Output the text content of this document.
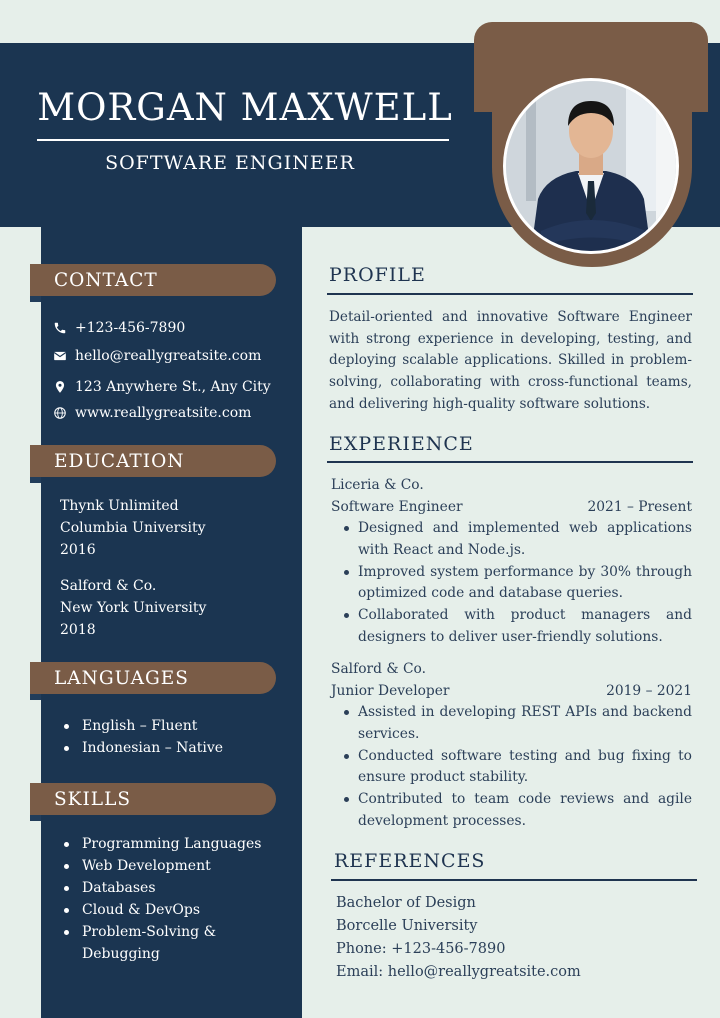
MORGAN MAXWELL
SOFTWARE ENGINEER
CONTACT
+123-456-7890
hello@reallygreatsite.com
123 Anywhere St., Any City
www.reallygreatsite.com
EDUCATION
Thynk Unlimited
Columbia University
2016
Salford & Co.
New York University
2018
LANGUAGES
English – Fluent
Indonesian – Native
SKILLS
Programming Languages
Web Development
Databases
Cloud & DevOps
Problem-Solving & Debugging
PROFILE
Detail-oriented and innovative Software Engineer with strong experience in developing, testing, and deploying scalable applications. Skilled in problem-solving, collaborating with cross-functional teams, and delivering high-quality software solutions.
EXPERIENCE
Liceria & Co.
Software Engineer	2021 – Present
Designed and implemented web applications with React and Node.js.
Improved system performance by 30% through optimized code and database queries.
Collaborated with product managers and designers to deliver user-friendly solutions.
Salford & Co.
Junior Developer	2019 – 2021
Assisted in developing REST APIs and backend services.
Conducted software testing and bug fixing to ensure product stability.
Contributed to team code reviews and agile development processes.
REFERENCES
Bachelor of Design
Borcelle University
Phone: +123-456-7890
Email: hello@reallygreatsite.com
